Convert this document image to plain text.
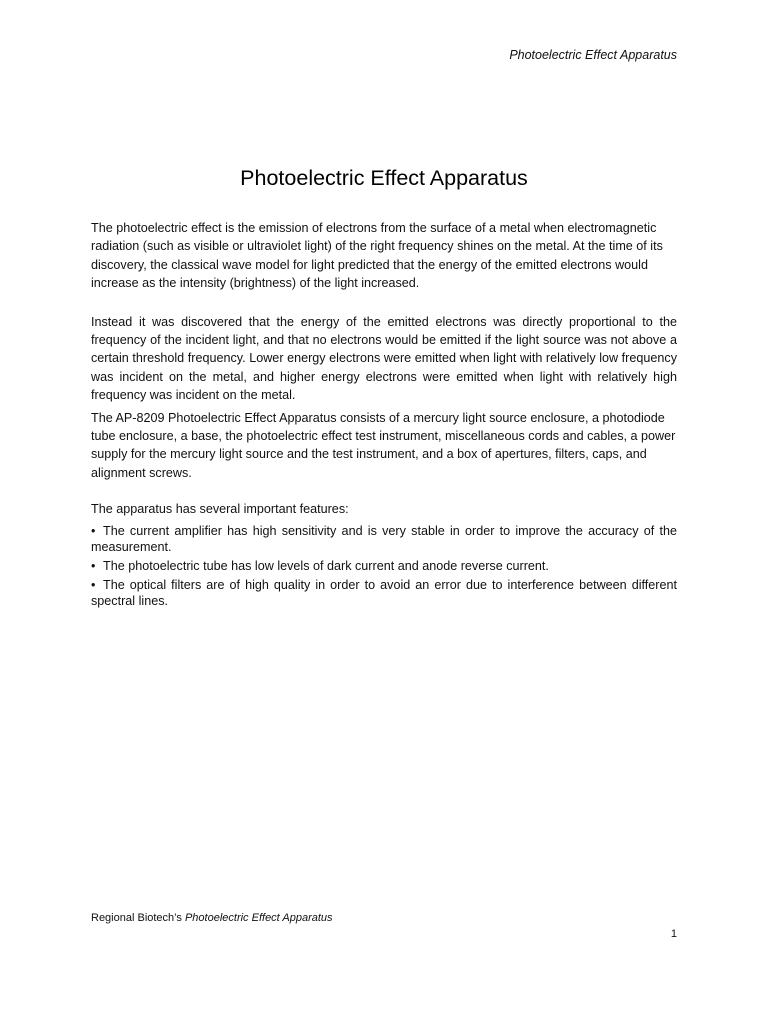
Photoelectric Effect Apparatus
Photoelectric Effect Apparatus

The photoelectric effect is the emission of electrons from the surface of a metal when electromagnetic radiation (such as visible or ultraviolet light) of the right frequency shines on the metal. At the time of its discovery, the classical wave model for light predicted that the energy of the emitted electrons would increase as the intensity (brightness) of the light increased.

Instead it was discovered that the energy of the emitted electrons was directly proportional to the frequency of the incident light, and that no electrons would be emitted if the light source was not above a certain threshold frequency. Lower energy electrons were emitted when light with relatively low frequency was incident on the metal, and higher energy electrons were emitted when light with relatively high frequency was incident on the metal.

The AP-8209 Photoelectric Effect Apparatus consists of a mercury light source enclosure, a photodiode tube enclosure, a base, the photoelectric effect test instrument, miscellaneous cords and cables, a power supply for the mercury light source and the test instrument, and a box of apertures, filters, caps, and alignment screws.

The apparatus has several important features:

• The current amplifier has high sensitivity and is very stable in order to improve the accuracy of the measurement.
• The photoelectric tube has low levels of dark current and anode reverse current.
• The optical filters are of high quality in order to avoid an error due to interference between different spectral lines.
Regional Biotech’s Photoelectric Effect Apparatus
1
